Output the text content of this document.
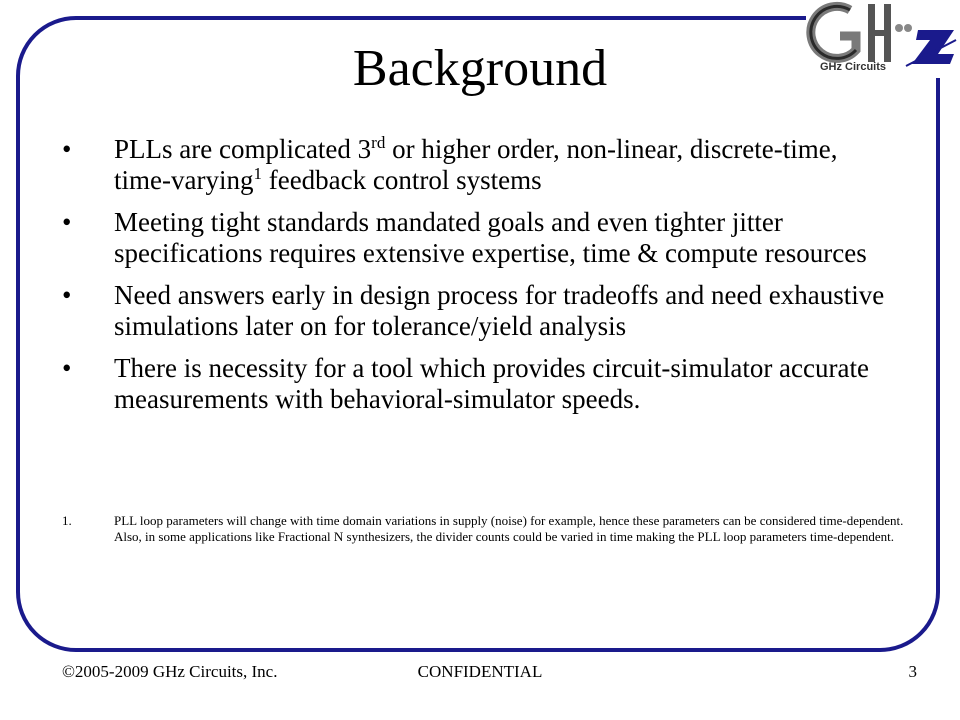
GHz Circuits
Background
•	PLLs are complicated 3rd or higher order, non-linear, discrete-time, time-varying$^1$ feedback control systems
•	Meeting tight standards mandated goals and even tighter jitter specifications requires extensive expertise, time & compute resources
•	Need answers early in design process for tradeoffs and need exhaustive simulations later on for tolerance/yield analysis
•	There is necessity for a tool which provides circuit-simulator accurate measurements with behavioral-simulator speeds.
1.	PLL loop parameters will change with time domain variations in supply (noise) for example, hence these parameters can be considered time-dependent. Also, in some applications like Fractional N synthesizers, the divider counts could be varied in time making the PLL loop parameters time-dependent.
©2005-2009 GHz Circuits, Inc.	CONFIDENTIAL	3
